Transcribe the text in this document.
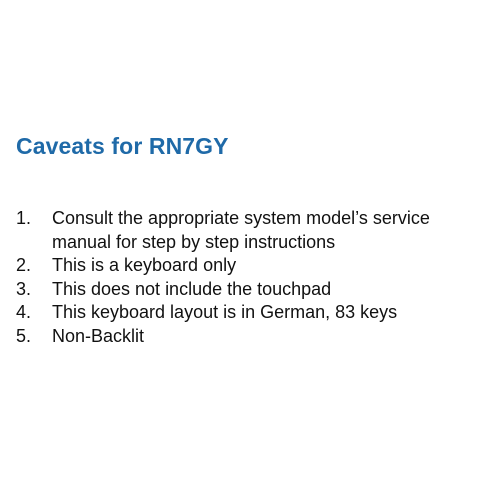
Caveats for RN7GY
1.	Consult the appropriate system model’s service manual for step by step instructions
2.	This is a keyboard only
3.	This does not include the touchpad
4.	This keyboard layout is in German, 83 keys
5.	Non-Backlit
